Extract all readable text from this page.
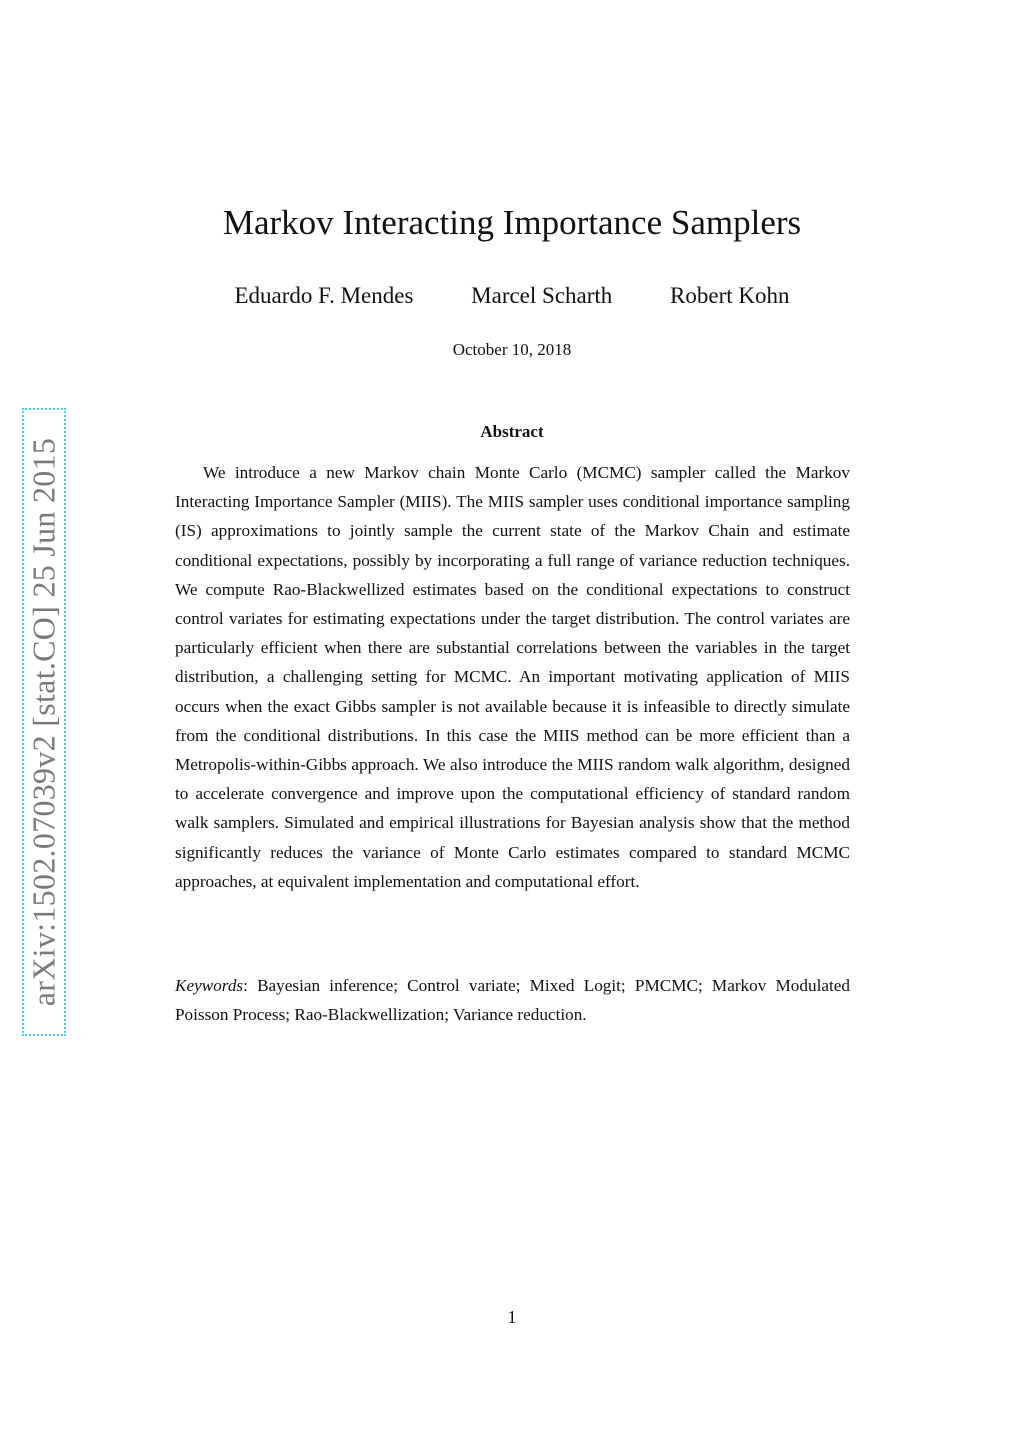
arXiv:1502.07039v2 [stat.CO] 25 Jun 2015
Markov Interacting Importance Samplers
Eduardo F. Mendes	Marcel Scharth	Robert Kohn
October 10, 2018
Abstract

We introduce a new Markov chain Monte Carlo (MCMC) sampler called the Markov Interacting Importance Sampler (MIIS). The MIIS sampler uses conditional importance sampling (IS) approximations to jointly sample the current state of the Markov Chain and estimate conditional expectations, possibly by incorporating a full range of variance reduction techniques. We compute Rao-Blackwellized estimates based on the conditional expectations to construct control variates for estimating expectations under the target distribution. The control variates are particularly efficient when there are substantial correlations between the variables in the target distribution, a challenging setting for MCMC. An important motivating application of MIIS occurs when the exact Gibbs sampler is not available because it is infeasible to directly simulate from the conditional distributions. In this case the MIIS method can be more efficient than a Metropolis-within-Gibbs approach. We also introduce the MIIS random walk algorithm, designed to accelerate convergence and improve upon the computational efficiency of standard random walk samplers. Simulated and empirical illustrations for Bayesian analysis show that the method significantly reduces the variance of Monte Carlo estimates compared to standard MCMC approaches, at equivalent implementation and computational effort.

Keywords: Bayesian inference; Control variate; Mixed Logit; PMCMC; Markov Modulated Poisson Process; Rao-Blackwellization; Variance reduction.

1
